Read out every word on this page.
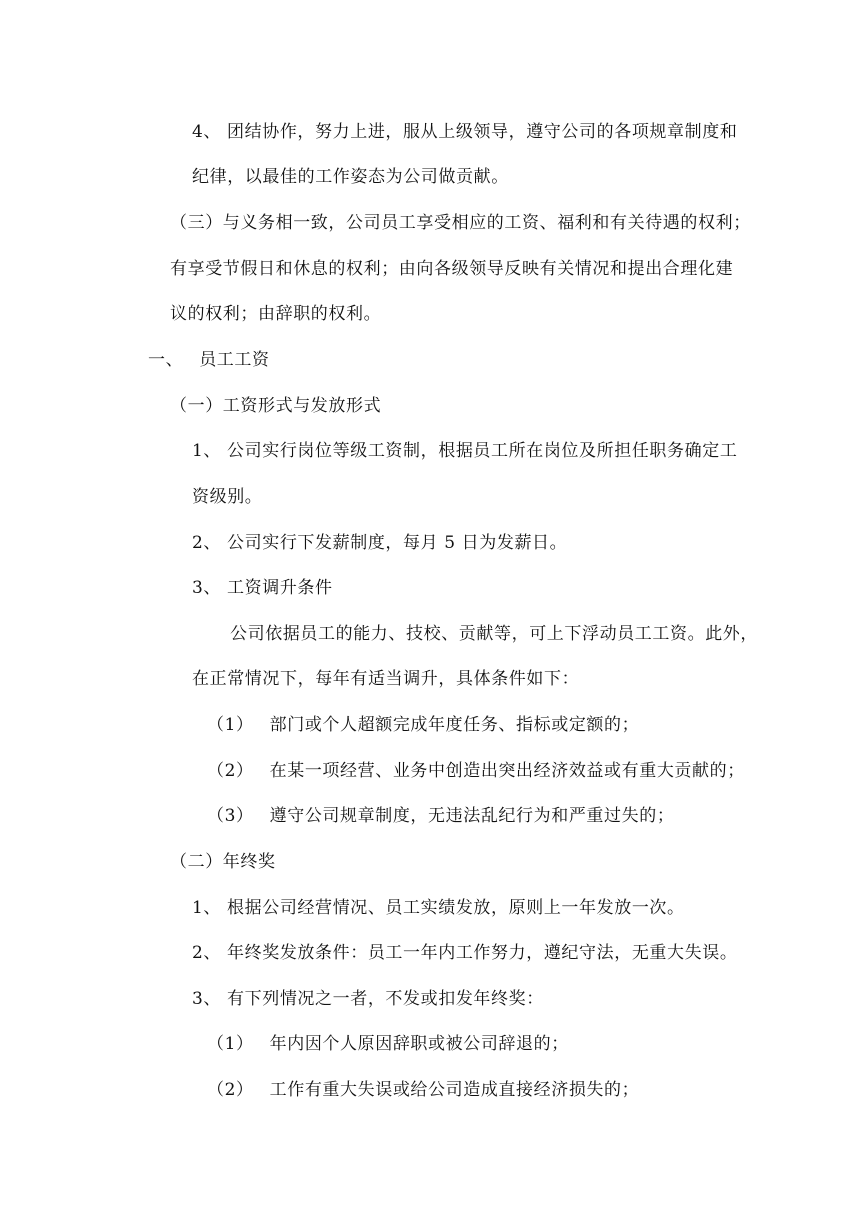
4、 团结协作，努力上进，服从上级领导，遵守公司的各项规章制度和
纪律，以最佳的工作姿态为公司做贡献。
（三）与义务相一致，公司员工享受相应的工资、福利和有关待遇的权利；
有享受节假日和休息的权利；由向各级领导反映有关情况和提出合理化建
议的权利；由辞职的权利。
一、 员工工资
（一）工资形式与发放形式
1、 公司实行岗位等级工资制，根据员工所在岗位及所担任职务确定工
资级别。
2、 公司实行下发薪制度，每月 5 日为发薪日。
3、 工资调升条件
公司依据员工的能力、技校、贡献等，可上下浮动员工工资。此外，
在正常情况下，每年有适当调升，具体条件如下：
（1） 部门或个人超额完成年度任务、指标或定额的；
（2） 在某一项经营、业务中创造出突出经济效益或有重大贡献的；
（3） 遵守公司规章制度，无违法乱纪行为和严重过失的；
（二）年终奖
1、 根据公司经营情况、员工实绩发放，原则上一年发放一次。
2、 年终奖发放条件：员工一年内工作努力，遵纪守法，无重大失误。
3、 有下列情况之一者，不发或扣发年终奖：
（1） 年内因个人原因辞职或被公司辞退的；
（2） 工作有重大失误或给公司造成直接经济损失的；
